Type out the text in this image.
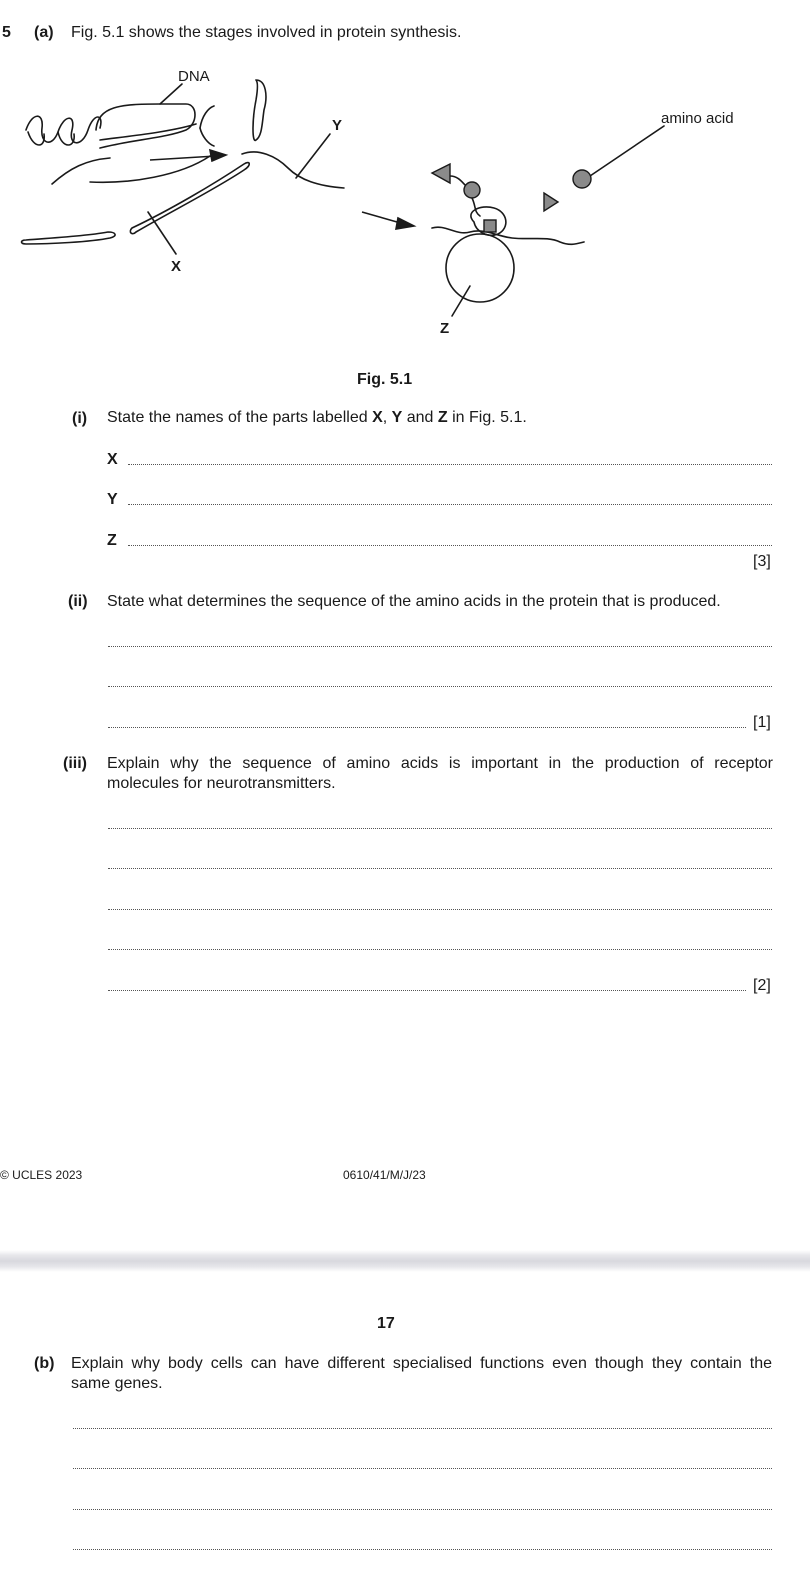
5 (a) Fig. 5.1 shows the stages involved in protein synthesis.
DNA
Y
X
Z
amino acid
Fig. 5.1
(i) State the names of the parts labelled X, Y and Z in Fig. 5.1.
X
Y
Z
[3]
(ii) State what determines the sequence of the amino acids in the protein that is produced.
[1]
(iii) Explain why the sequence of amino acids is important in the production of receptor
molecules for neurotransmitters.
[2]
© UCLES 2023	0610/41/M/J/23
17
(b) Explain why body cells can have different specialised functions even though they contain the
same genes.
